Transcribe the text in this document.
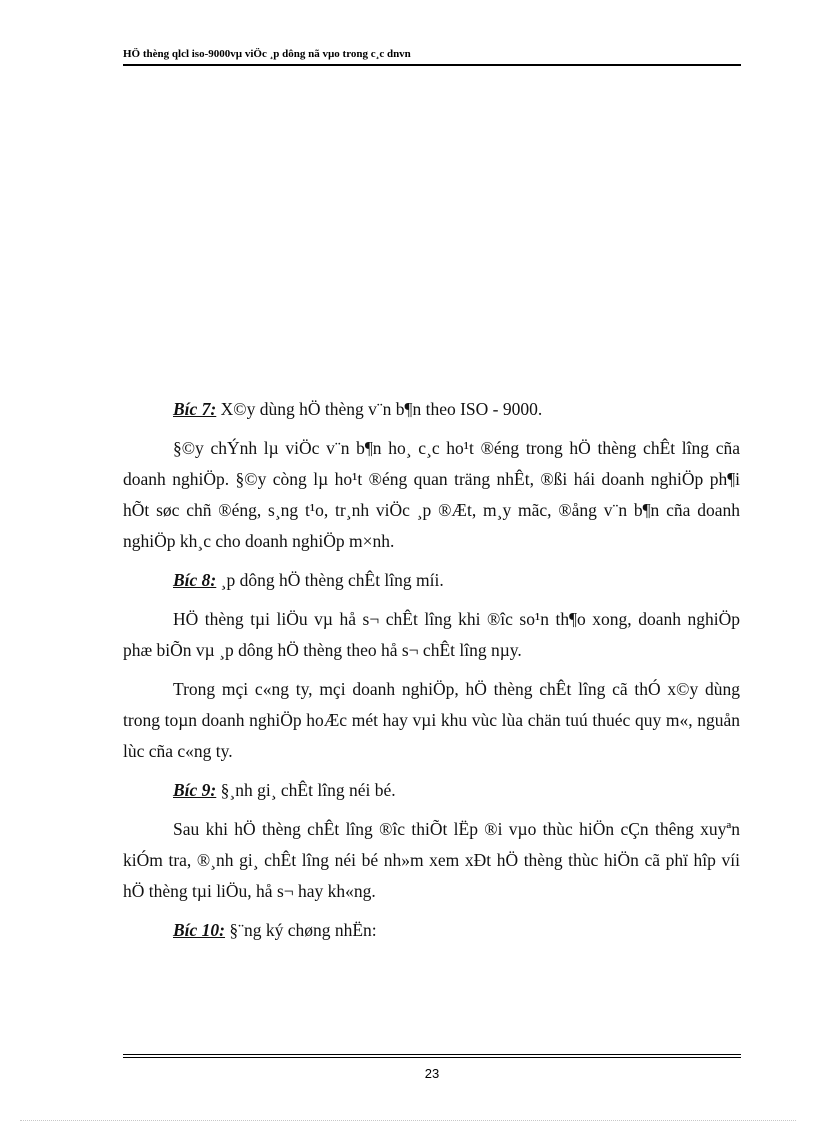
HÖ thèng qlcl iso-9000vµ viÖc ¸p dông nã vµo trong c¸c dnvn

Bíc 7: X©y dùng hÖ thèng v¨n b¶n theo ISO - 9000.

§©y chÝnh lµ viÖc v¨n b¶n ho¸ c¸c ho¹t ®éng trong hÖ thèng chÊt lîng cña doanh nghiÖp. §©y còng lµ ho¹t ®éng quan träng nhÊt, ®ßi hái doanh nghiÖp ph¶i hÕt søc chñ ®éng, s¸ng t¹o, tr¸nh viÖc ¸p ®Æt, m¸y mãc, ®ång v¨n b¶n cña doanh nghiÖp kh¸c cho doanh nghiÖp m×nh.

Bíc 8: ¸p dông hÖ thèng chÊt lîng míi.

HÖ thèng tµi liÖu vµ hå s¬ chÊt lîng khi ®îc so¹n th¶o xong, doanh nghiÖp phæ biÕn vµ ¸p dông hÖ thèng theo hå s¬ chÊt lîng nµy.

Trong mçi c«ng ty, mçi doanh nghiÖp, hÖ thèng chÊt lîng cã thÓ x©y dùng trong toµn doanh nghiÖp hoÆc mét hay vµi khu vùc lùa chän tuú thuéc quy m«, nguån lùc cña c«ng ty.

Bíc 9: §¸nh gi¸ chÊt lîng néi bé.

Sau khi hÖ thèng chÊt lîng ®îc thiÕt lËp ®i vµo thùc hiÖn cÇn thêng xuyªn kiÓm tra, ®¸nh gi¸ chÊt lîng néi bé nh»m xem xÐt hÖ thèng thùc hiÖn cã phï hîp víi hÖ thèng tµi liÖu, hå s¬ hay kh«ng.

Bíc 10: §¨ng ký chøng nhËn:

23
